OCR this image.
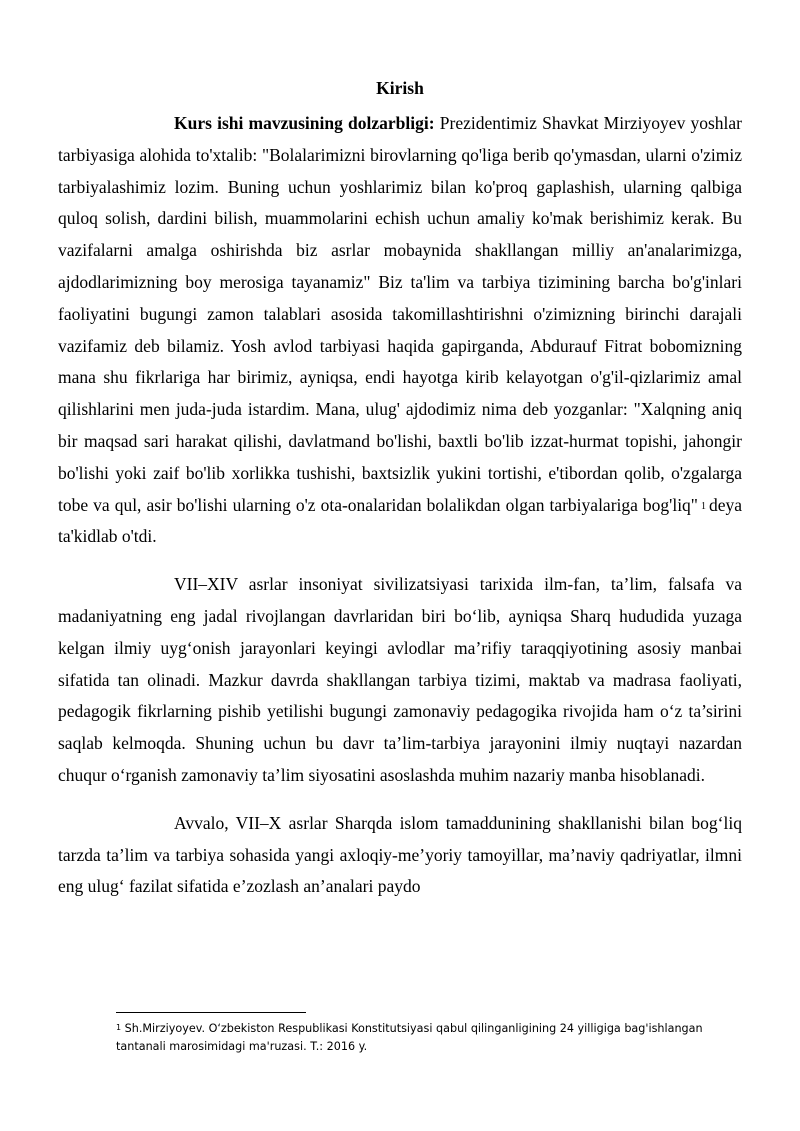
Kirish

Kurs ishi mavzusining dolzarbligi: Prezidentimiz Shavkat Mirziyoyev yoshlar tarbiyasiga alohida to'xtalib: "Bolalarimizni birovlarning qo'liga berib qo'ymasdan, ularni o'zimiz tarbiyalashimiz lozim. Buning uchun yoshlarimiz bilan ko'proq gaplashish, ularning qalbiga quloq solish, dardini bilish, muammolarini echish uchun amaliy ko'mak berishimiz kerak. Bu vazifalarni amalga oshirishda biz asrlar mobaynida shakllangan milliy an'analarimizga, ajdodlarimizning boy merosiga tayanamiz" Biz ta'lim va tarbiya tizimining barcha bo'g'inlari faoliyatini bugungi zamon talablari asosida takomillashtirishni o'zimizning birinchi darajali vazifamiz deb bilamiz. Yosh avlod tarbiyasi haqida gapirganda, Abdurauf Fitrat bobomizning mana shu fikrlariga har birimiz, ayniqsa, endi hayotga kirib kelayotgan o'g'il-qizlarimiz amal qilishlarini men juda-juda istardim. Mana, ulug' ajdodimiz nima deb yozganlar: "Xalqning aniq bir maqsad sari harakat qilishi, davlatmand bo'lishi, baxtli bo'lib izzat-hurmat topishi, jahongir bo'lishi yoki zaif bo'lib xorlikka tushishi, baxtsizlik yukini tortishi, e'tibordan qolib, o'zgalarga tobe va qul, asir bo'lishi ularning o'z ota-onalaridan bolalikdan olgan tarbiyalariga bog'liq" $^1$ deya ta'kidlab o'tdi.

VII–XIV asrlar insoniyat sivilizatsiyasi tarixida ilm-fan, ta’lim, falsafa va madaniyatning eng jadal rivojlangan davrlaridan biri bo‘lib, ayniqsa Sharq hududida yuzaga kelgan ilmiy uyg‘onish jarayonlari keyingi avlodlar ma’rifiy taraqqiyotining asosiy manbai sifatida tan olinadi. Mazkur davrda shakllangan tarbiya tizimi, maktab va madrasa faoliyati, pedagogik fikrlarning pishib yetilishi bugungi zamonaviy pedagogika rivojida ham o‘z ta’sirini saqlab kelmoqda. Shuning uchun bu davr ta’lim-tarbiya jarayonini ilmiy nuqtayi nazardan chuqur o‘rganish zamonaviy ta’lim siyosatini asoslashda muhim nazariy manba hisoblanadi.

Avvalo, VII–X asrlar Sharqda islom tamaddunining shakllanishi bilan bog‘liq tarzda ta’lim va tarbiya sohasida yangi axloqiy-me’yoriy tamoyillar, ma’naviy qadriyatlar, ilmni eng ulug‘ fazilat sifatida e’zozlash an’analari paydo

$^1$ Sh.Mirziyoyev. O‘zbekiston Respublikasi Konstitutsiyasi qabul qilinganligining 24 yilligiga bag'ishlangan tantanali marosimidagi ma'ruzasi. T.: 2016 y.
